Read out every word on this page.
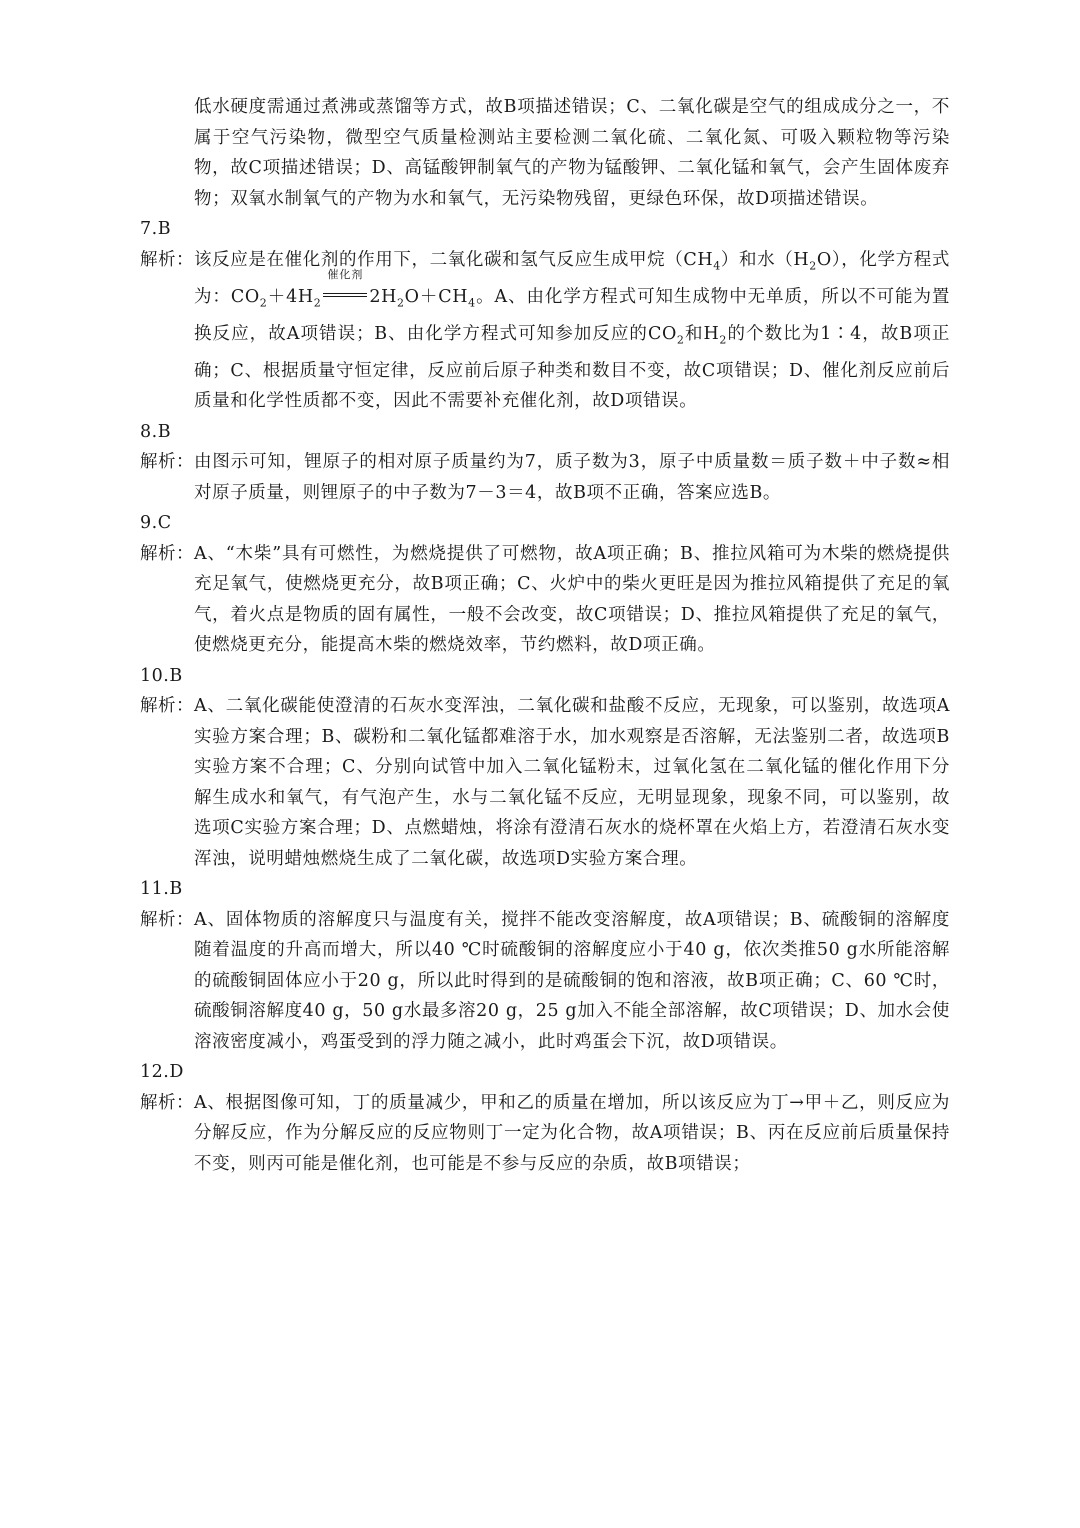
低水硬度需通过煮沸或蒸馏等方式，故B项描述错误；C、二氧化碳是空气的组成成分之一，不属于空气污染物，微型空气质量检测站主要检测二氧化硫、二氧化氮、可吸入颗粒物等污染物，故C项描述错误；D、高锰酸钾制氧气的产物为锰酸钾、二氧化锰和氧气，会产生固体废弃物；双氧水制氧气的产物为水和氧气，无污染物残留，更绿色环保，故D项描述错误。
7.B
解析： 该反应是在催化剂的作用下，二氧化碳和氢气反应生成甲烷$(CH_4)$和水$(H_2O)$，化学方程式为：$CO_2+4H_2$
催化剂
$2H_2O+CH_4$。A、由化学方程式可知生成物中无单质，所以不可能为置换反应，故A项错误；B、由化学方程式可知参加反应的$CO_2$和$H_2$的个数比为1∶4，故B项正确；C、根据质量守恒定律，反应前后原子种类和数目不变，故C项错误；D、催化剂反应前后质量和化学性质都不变，因此不需要补充催化剂，故D项错误。
8.B
解析： 由图示可知，锂原子的相对原子质量约为7，质子数为3，原子中质量数＝质子数＋中子数≈相对原子质量，则锂原子的中子数为7－3＝4，故B项不正确，答案应选B。
9.C
解析： A、“木柴”具有可燃性，为燃烧提供了可燃物，故A项正确；B、推拉风箱可为木柴的燃烧提供充足氧气，使燃烧更充分，故B项正确；C、火炉中的柴火更旺是因为推拉风箱提供了充足的氧气，着火点是物质的固有属性，一般不会改变，故C项错误；D、推拉风箱提供了充足的氧气，使燃烧更充分，能提高木柴的燃烧效率，节约燃料，故D项正确。
10.B
解析： A、二氧化碳能使澄清的石灰水变浑浊，二氧化碳和盐酸不反应，无现象，可以鉴别，故选项A实验方案合理；B、碳粉和二氧化锰都难溶于水，加水观察是否溶解，无法鉴别二者，故选项B实验方案不合理；C、分别向试管中加入二氧化锰粉末，过氧化氢在二氧化锰的催化作用下分解生成水和氧气，有气泡产生，水与二氧化锰不反应，无明显现象，现象不同，可以鉴别，故选项C实验方案合理；D、点燃蜡烛，将涂有澄清石灰水的烧杯罩在火焰上方，若澄清石灰水变浑浊，说明蜡烛燃烧生成了二氧化碳，故选项D实验方案合理。
11.B
解析： A、固体物质的溶解度只与温度有关，搅拌不能改变溶解度，故A项错误；B、硫酸铜的溶解度随着温度的升高而增大，所以40 ℃时硫酸铜的溶解度应小于40 g，依次类推50 g水所能溶解的硫酸铜固体应小于20 g，所以此时得到的是硫酸铜的饱和溶液，故B项正确；C、60 ℃时，硫酸铜溶解度40 g，50 g水最多溶20 g，25 g加入不能全部溶解，故C项错误；D、加水会使溶液密度减小，鸡蛋受到的浮力随之减小，此时鸡蛋会下沉，故D项错误。
12.D
解析： A、根据图像可知，丁的质量减少，甲和乙的质量在增加，所以该反应为丁→甲＋乙，则反应为分解反应，作为分解反应的反应物则丁一定为化合物，故A项错误；B、丙在反应前后质量保持不变，则丙可能是催化剂，也可能是不参与反应的杂质，故B项错误；
